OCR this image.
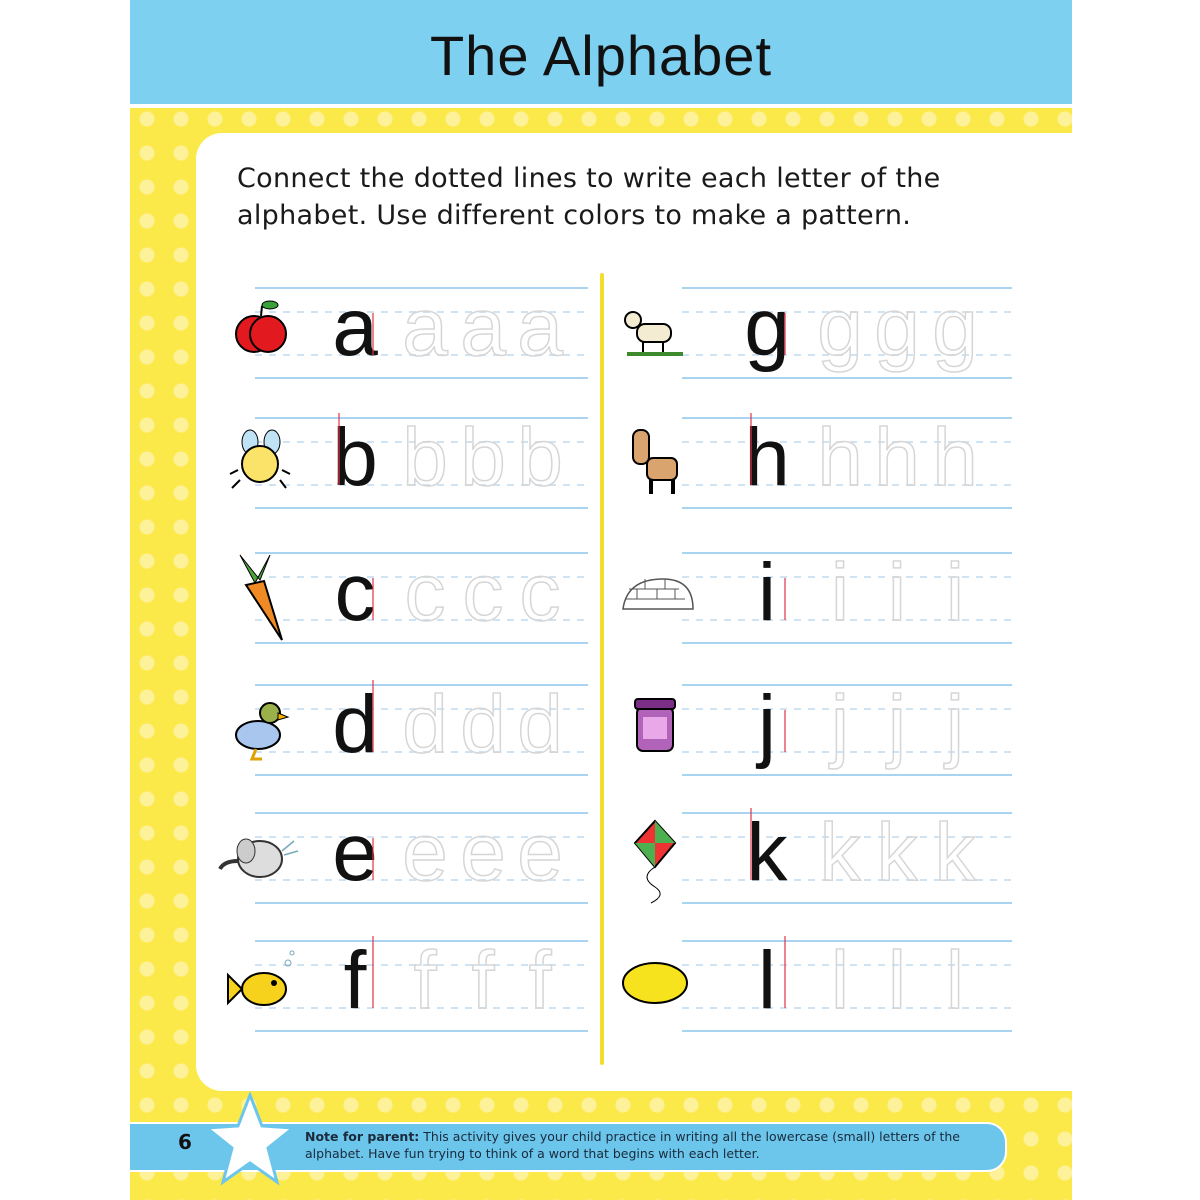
The Alphabet
Connect the dotted lines to write each letter of the
alphabet. Use different colors to make a pattern.
a a a a
b b b b
c c c c
d d d d
e e e e
f f f f
g g g g
h h h h
i i i i
j j j j
k k k k
l l l l
6	Note for parent: This activity gives your child practice in writing all the lowercase (small) letters of the alphabet. Have fun trying to think of a word that begins with each letter.
